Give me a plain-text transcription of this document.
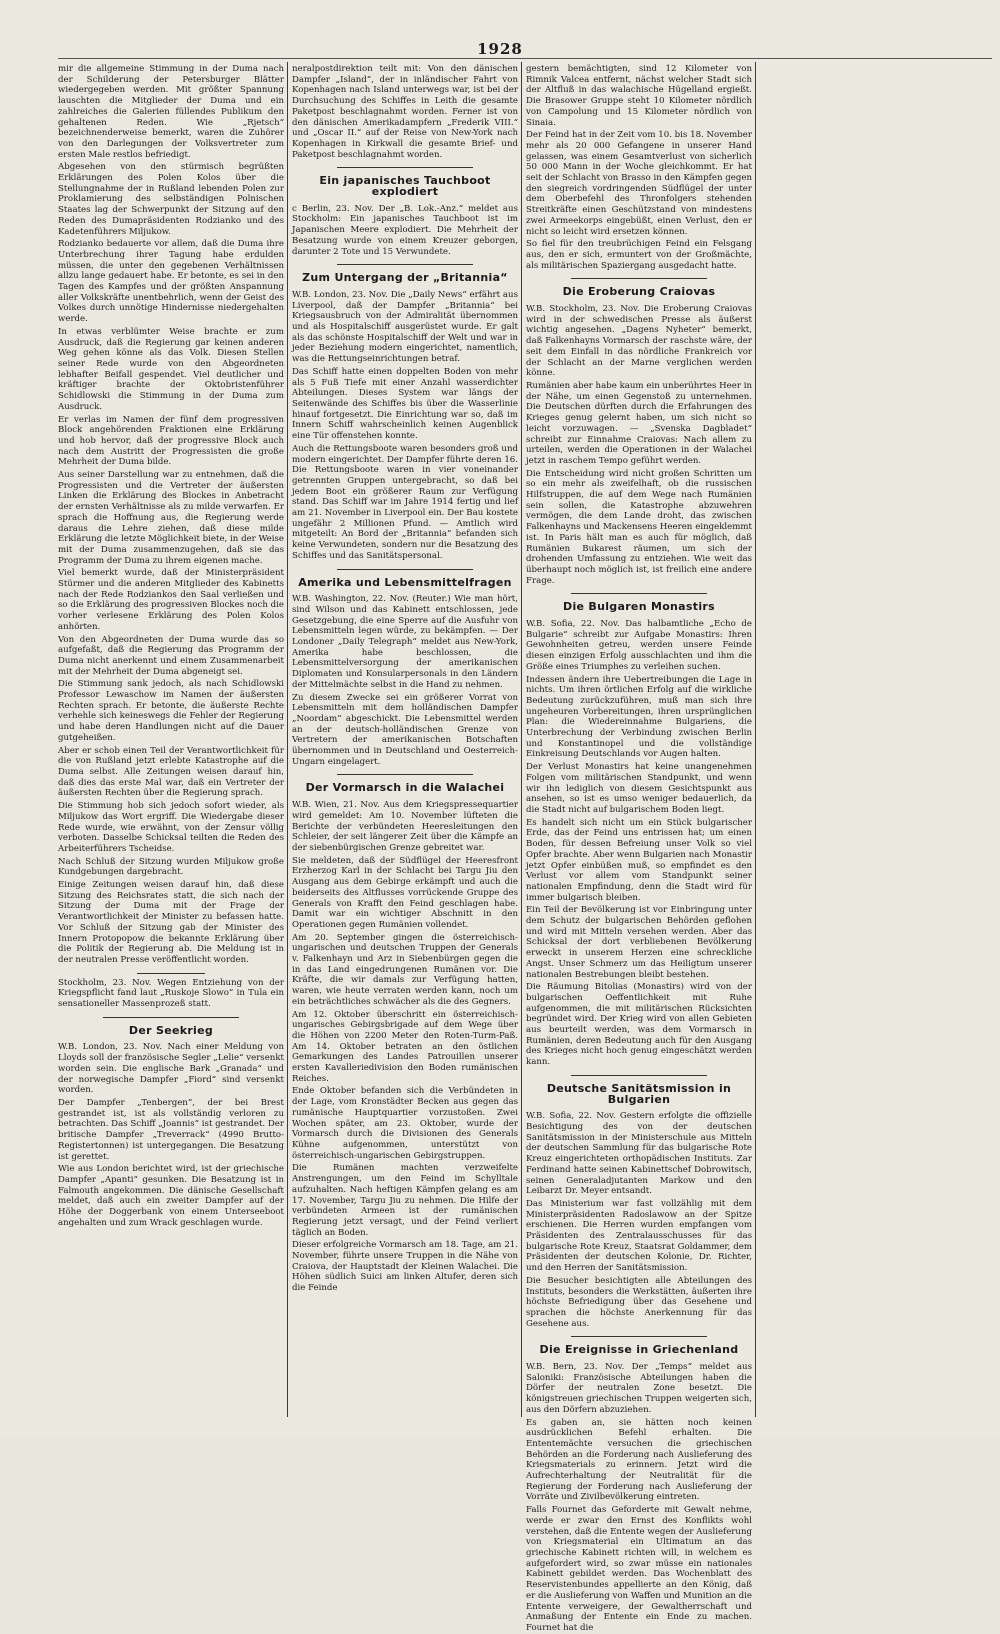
1928

mir die allgemeine Stimmung in der Duma nach der Schilderung der Petersburger Blätter wiedergegeben werden. Mit größter Spannung lauschten die Mitglieder der Duma und ein zahlreiches die Galerien füllendes Publikum den gehaltenen Reden. Wie „Rjetsch“ bezeichnenderweise bemerkt, waren die Zuhörer von den Darlegungen der Volksvertreter zum ersten Male restlos befriedigt.

Abgesehen von den stürmisch begrüßten Erklärungen des Polen Kolos über die Stellungnahme der in Rußland lebenden Polen zur Proklamierung des selbständigen Polnischen Staates lag der Schwerpunkt der Sitzung auf den Reden des Dumapräsidenten Rodzianko und des Kadetenführers Miljukow.

Rodzianko bedauerte vor allem, daß die Duma ihre Unterbrechung ihrer Tagung habe erdulden müssen, die unter den gegebenen Verhältnissen allzu lange gedauert habe. Er betonte, es sei in den Tagen des Kampfes und der größten Anspannung aller Volkskräfte unentbehrlich, wenn der Geist des Volkes durch unnötige Hindernisse niedergehalten werde.

In etwas verblümter Weise brachte er zum Ausdruck, daß die Regierung gar keinen anderen Weg gehen könne als das Volk. Diesen Stellen seiner Rede wurde von den Abgeordneten lebhafter Beifall gespendet. Viel deutlicher und kräftiger brachte der Oktobristenführer Schidlowski die Stimmung in der Duma zum Ausdruck.

Er verlas im Namen der fünf dem progressiven Block angehörenden Fraktionen eine Erklärung und hob hervor, daß der progressive Block auch nach dem Austritt der Progressisten die große Mehrheit der Duma bilde.

Aus seiner Darstellung war zu entnehmen, daß die Progressisten und die Vertreter der äußersten Linken die Erklärung des Blockes in Anbetracht der ernsten Verhältnisse als zu milde verwarfen. Er sprach die Hoffnung aus, die Regierung werde daraus die Lehre ziehen, daß diese milde Erklärung die letzte Möglichkeit biete, in der Weise mit der Duma zusammenzugehen, daß sie das Programm der Duma zu ihrem eigenen mache.

Viel bemerkt wurde, daß der Ministerpräsident Stürmer und die anderen Mitglieder des Kabinetts nach der Rede Rodziankos den Saal verließen und so die Erklärung des progressiven Blockes noch die vorher verlesene Erklärung des Polen Kolos anhörten.

Von den Abgeordneten der Duma wurde das so aufgefaßt, daß die Regierung das Programm der Duma nicht anerkennt und einem Zusammenarbeit mit der Mehrheit der Duma abgeneigt sei.

Die Stimmung sank jedoch, als nach Schidlowski Professor Lewaschow im Namen der äußersten Rechten sprach. Er betonte, die äußerste Rechte verhehle sich keineswegs die Fehler der Regierung und habe deren Handlungen nicht auf die Dauer gutgeheißen.

Aber er schob einen Teil der Verantwortlichkeit für die von Rußland jetzt erlebte Katastrophe auf die Duma selbst. Alle Zeitungen weisen darauf hin, daß dies das erste Mal war, daß ein Vertreter der äußersten Rechten über die Regierung sprach.

Die Stimmung hob sich jedoch sofort wieder, als Miljukow das Wort ergriff. Die Wiedergabe dieser Rede wurde, wie erwähnt, von der Zensur völlig verboten. Dasselbe Schicksal teilten die Reden des Arbeiterführers Tscheidse.

Nach Schluß der Sitzung wurden Miljukow große Kundgebungen dargebracht.

Einige Zeitungen weisen darauf hin, daß diese Sitzung des Reichsrates statt, die sich nach der Sitzung der Duma mit der Frage der Verantwortlichkeit der Minister zu befassen hatte. Vor Schluß der Sitzung gab der Minister des Innern Protopopow die bekannte Erklärung über die Politik der Regierung ab. Die Meldung ist in der neutralen Presse veröffentlicht worden.

Stockholm, 23. Nov. Wegen Entziehung von der Kriegspflicht fand laut „Ruskoje Slowo“ in Tula ein sensationeller Massenprozeß statt.

Der Seekrieg

W.B. London, 23. Nov. Nach einer Meldung von Lloyds soll der französische Segler „Lelie“ versenkt worden sein. Die englische Bark „Granada“ und der norwegische Dampfer „Fiord“ sind versenkt worden.

Der Dampfer „Tenbergen“, der bei Brest gestrandet ist, ist als vollständig verloren zu betrachten. Das Schiff „Joannis“ ist gestrandet. Der britische Dampfer „Treverrack“ (4990 Brutto-Registertonnen) ist untergegangen. Die Besatzung ist gerettet.

Wie aus London berichtet wird, ist der griechische Dampfer „Apanti“ gesunken. Die Besatzung ist in Falmouth angekommen. Die dänische Gesellschaft meldet, daß auch ein zweiter Dampfer auf der Höhe der Doggerbank von einem Unterseeboot angehalten und zum Wrack geschlagen wurde.

neralpostdirektion teilt mit: Von den dänischen Dampfer „Island“, der in inländischer Fahrt von Kopenhagen nach Island unterwegs war, ist bei der Durchsuchung des Schiffes in Leith die gesamte Paketpost beschlagnahmt worden. Ferner ist von den dänischen Amerikadampfern „Frederik VIII.“ und „Oscar II.“ auf der Reise von New-York nach Kopenhagen in Kirkwall die gesamte Brief- und Paketpost beschlagnahmt worden.

Ein japanisches Tauchboot explodiert

c Berlin, 23. Nov. Der „B. Lok.-Anz.“ meldet aus Stockholm: Ein japanisches Tauchboot ist im Japanischen Meere explodiert. Die Mehrheit der Besatzung wurde von einem Kreuzer geborgen, darunter 2 Tote und 15 Verwundete.

Zum Untergang der „Britannia“

W.B. London, 23. Nov. Die „Daily News“ erfährt aus Liverpool, daß der Dampfer „Britannia“ bei Kriegsausbruch von der Admiralität übernommen und als Hospitalschiff ausgerüstet wurde. Er galt als das schönste Hospitalschiff der Welt und war in jeder Beziehung modern eingerichtet, namentlich, was die Rettungseinrichtungen betraf.

Das Schiff hatte einen doppelten Boden von mehr als 5 Fuß Tiefe mit einer Anzahl wasserdichter Abteilungen. Dieses System war längs der Seitenwände des Schiffes bis über die Wasserlinie hinauf fortgesetzt. Die Einrichtung war so, daß im Innern Schiff wahrscheinlich keinen Augenblick eine Tür offenstehen konnte.

Auch die Rettungsboote waren besonders groß und modern eingerichtet. Der Dampfer führte deren 16. Die Rettungsboote waren in vier voneinander getrennten Gruppen untergebracht, so daß bei jedem Boot ein größerer Raum zur Verfügung stand. Das Schiff war im Jahre 1914 fertig und lief am 21. November in Liverpool ein. Der Bau kostete ungefähr 2 Millionen Pfund. — Amtlich wird mitgeteilt: An Bord der „Britannia“ befanden sich keine Verwundeten, sondern nur die Besatzung des Schiffes und das Sanitätspersonal.

Amerika und Lebensmittelfragen

W.B. Washington, 22. Nov. (Reuter.) Wie man hört, sind Wilson und das Kabinett entschlossen, jede Gesetzgebung, die eine Sperre auf die Ausfuhr von Lebensmitteln legen würde, zu bekämpfen. — Der Londoner „Daily Telegraph“ meldet aus New-York, Amerika habe beschlossen, die Lebensmittelversorgung der amerikanischen Diplomaten und Konsularpersonals in den Ländern der Mittelmächte selbst in die Hand zu nehmen.

Zu diesem Zwecke sei ein größerer Vorrat von Lebensmitteln mit dem holländischen Dampfer „Noordam“ abgeschickt. Die Lebensmittel werden an der deutsch-holländischen Grenze von Vertretern der amerikanischen Botschaften übernommen und in Deutschland und Oesterreich-Ungarn eingelagert.

Der Vormarsch in die Walachei

W.B. Wien, 21. Nov. Aus dem Kriegspressequartier wird gemeldet: Am 10. November lüfteten die Berichte der verbündeten Heeresleitungen den Schleier, der seit längerer Zeit über die Kämpfe an der siebenbürgischen Grenze gebreitet war.

Sie meldeten, daß der Südflügel der Heeresfront Erzherzog Karl in der Schlacht bei Targu Jiu den Ausgang aus dem Gebirge erkämpft und auch die beiderseits des Altflusses vorrückende Gruppe des Generals von Krafft den Feind geschlagen habe. Damit war ein wichtiger Abschnitt in den Operationen gegen Rumänien vollendet.

Am 20. September gingen die österreichisch-ungarischen und deutschen Truppen der Generals v. Falkenhayn und Arz in Siebenbürgen gegen die in das Land eingedrungenen Rumänen vor. Die Kräfte, die wir damals zur Verfügung hatten, waren, wie heute verraten werden kann, noch um ein beträchtliches schwächer als die des Gegners.

Am 12. Oktober überschritt ein österreichisch-ungarisches Gebirgsbrigade auf dem Wege über die Höhen von 2200 Meter den Roten-Turm-Paß. Am 14. Oktober betraten an den östlichen Gemarkungen des Landes Patrouillen unserer ersten Kavalleriedivision den Boden rumänischen Reiches.

Ende Oktober befanden sich die Verbündeten in der Lage, vom Kronstädter Becken aus gegen das rumänische Hauptquartier vorzustoßen. Zwei Wochen später, am 23. Oktober, wurde der Vormarsch durch die Divisionen des Generals Kühne aufgenommen, unterstützt von österreichisch-ungarischen Gebirgstruppen.

Die Rumänen machten verzweifelte Anstrengungen, um den Feind im Schylltale aufzuhalten. Nach heftigen Kämpfen gelang es am 17. November, Targu Jiu zu nehmen. Die Hilfe der verbündeten Armeen ist der rumänischen Regierung jetzt versagt, und der Feind verliert täglich an Boden.

Dieser erfolgreiche Vormarsch am 18. Tage, am 21. November, führte unsere Truppen in die Nähe von Craiova, der Hauptstadt der Kleinen Walachei. Die Höhen südlich Suici am linken Altufer, deren sich die Feinde

gestern bemächtigten, sind 12 Kilometer von Rimnik Valcea entfernt, nächst welcher Stadt sich der Altfluß in das walachische Hügelland ergießt. Die Brasower Gruppe steht 10 Kilometer nördlich von Campolung und 15 Kilometer nördlich von Sinaia.

Der Feind hat in der Zeit vom 10. bis 18. November mehr als 20 000 Gefangene in unserer Hand gelassen, was einem Gesamtverlust von sicherlich 50 000 Mann in der Woche gleichkommt. Er hat seit der Schlacht von Brasso in den Kämpfen gegen den siegreich vordringenden Südflügel der unter dem Oberbefehl des Thronfolgers stehenden Streitkräfte einen Geschützstand von mindestens zwei Armeekorps eingebüßt, einen Verlust, den er nicht so leicht wird ersetzen können.

So fiel für den treubrüchigen Feind ein Felsgang aus, den er sich, ermuntert von der Großmächte, als militärischen Spaziergang ausgedacht hatte.

Die Eroberung Craiovas

W.B. Stockholm, 23. Nov. Die Eroberung Craiovas wird in der schwedischen Presse als äußerst wichtig angesehen. „Dagens Nyheter“ bemerkt, daß Falkenhayns Vormarsch der raschste wäre, der seit dem Einfall in das nördliche Frankreich vor der Schlacht an der Marne verglichen werden könne.

Rumänien aber habe kaum ein unberührtes Heer in der Nähe, um einen Gegenstoß zu unternehmen. Die Deutschen dürften durch die Erfahrungen des Krieges genug gelernt haben, um sich nicht so leicht vorzuwagen. — „Svenska Dagbladet“ schreibt zur Einnahme Craiovas: Nach allem zu urteilen, werden die Operationen in der Walachei jetzt in raschem Tempo geführt werden.

Die Entscheidung wird nicht großen Schritten um so ein mehr als zweifelhaft, ob die russischen Hilfstruppen, die auf dem Wege nach Rumänien sein sollen, die Katastrophe abzuwehren vermögen, die dem Lande droht, das zwischen Falkenhayns und Mackensens Heeren eingeklemmt ist. In Paris hält man es auch für möglich, daß Rumänien Bukarest räumen, um sich der drohenden Umfassung zu entziehen. Wie weit das überhaupt noch möglich ist, ist freilich eine andere Frage.

Die Bulgaren Monastirs

W.B. Sofia, 22. Nov. Das halbamtliche „Echo de Bulgarie“ schreibt zur Aufgabe Monastirs: Ihren Gewohnheiten getreu, werden unsere Feinde diesen einzigen Erfolg ausschlachten und ihm die Größe eines Triumphes zu verleihen suchen.

Indessen ändern ihre Uebertreibungen die Lage in nichts. Um ihren örtlichen Erfolg auf die wirkliche Bedeutung zurückzuführen, muß man sich ihre ungeheuren Vorbereitungen, ihren ursprünglichen Plan: die Wiedereinnahme Bulgariens, die Unterbrechung der Verbindung zwischen Berlin und Konstantinopel und die vollständige Einkreisung Deutschlands vor Augen halten.

Der Verlust Monastirs hat keine unangenehmen Folgen vom militärischen Standpunkt, und wenn wir ihn lediglich von diesem Gesichtspunkt aus ansehen, so ist es umso weniger bedauerlich, da die Stadt nicht auf bulgarischem Boden liegt.

Es handelt sich nicht um ein Stück bulgarischer Erde, das der Feind uns entrissen hat; um einen Boden, für dessen Befreiung unser Volk so viel Opfer brachte. Aber wenn Bulgarien nach Monastir jetzt Opfer einbüßen muß, so empfindet es den Verlust vor allem vom Standpunkt seiner nationalen Empfindung, denn die Stadt wird für immer bulgarisch bleiben.

Ein Teil der Bevölkerung ist vor Einbringung unter dem Schutz der bulgarischen Behörden geflohen und wird mit Mitteln versehen werden. Aber das Schicksal der dort verbliebenen Bevölkerung erweckt in unserem Herzen eine schreckliche Angst. Unser Schmerz um das Heiligtum unserer nationalen Bestrebungen bleibt bestehen.

Die Räumung Bitolias (Monastirs) wird von der bulgarischen Oeffentlichkeit mit Ruhe aufgenommen, die mit militärischen Rücksichten begründet wird. Der Krieg wird von allen Gebieten aus beurteilt werden, was dem Vormarsch in Rumänien, deren Bedeutung auch für den Ausgang des Krieges nicht hoch genug eingeschätzt werden kann.

Deutsche Sanitätsmission in Bulgarien

W.B. Sofia, 22. Nov. Gestern erfolgte die offizielle Besichtigung des von der deutschen Sanitätsmission in der Ministerschule aus Mitteln der deutschen Sammlung für das bulgarische Rote Kreuz eingerichteten orthopädischen Instituts. Zar Ferdinand hatte seinen Kabinettschef Dobrowitsch, seinen Generaladjutanten Markow und den Leibarzt Dr. Meyer entsandt.

Das Ministerium war fast vollzählig mit dem Ministerpräsidenten Radoslawow an der Spitze erschienen. Die Herren wurden empfangen vom Präsidenten des Zentralausschusses für das bulgarische Rote Kreuz, Staatsrat Goldammer, dem Präsidenten der deutschen Kolonie, Dr. Richter, und den Herren der Sanitätsmission.

Die Besucher besichtigten alle Abteilungen des Instituts, besonders die Werkstätten, äußerten ihre höchste Befriedigung über das Gesehene und sprachen die höchste Anerkennung für das Gesehene aus.

Die Ereignisse in Griechenland

W.B. Bern, 23. Nov. Der „Temps“ meldet aus Saloniki: Französische Abteilungen haben die Dörfer der neutralen Zone besetzt. Die königstreuen griechischen Truppen weigerten sich, aus den Dörfern abzuziehen.

Es gaben an, sie hätten noch keinen ausdrücklichen Befehl erhalten. Die Ententemächte versuchen die griechischen Behörden an die Forderung nach Auslieferung des Kriegsmaterials zu erinnern. Jetzt wird die Aufrechterhaltung der Neutralität für die Regierung der Forderung nach Auslieferung der Vorräte und Zivilbevölkerung eintreten.

Falls Fournet das Geforderte mit Gewalt nehme, werde er zwar den Ernst des Konflikts wohl verstehen, daß die Entente wegen der Auslieferung von Kriegsmaterial ein Ultimatum an das griechische Kabinett richten will, in welchem es aufgefordert wird, so zwar müsse ein nationales Kabinett gebildet werden. Das Wochenblatt des Reservistenbundes appellierte an den König, daß er die Auslieferung von Waffen und Munition an die Entente verweigere, der Gewaltherrschaft und Anmaßung der Entente ein Ende zu machen. Fournet hat die
